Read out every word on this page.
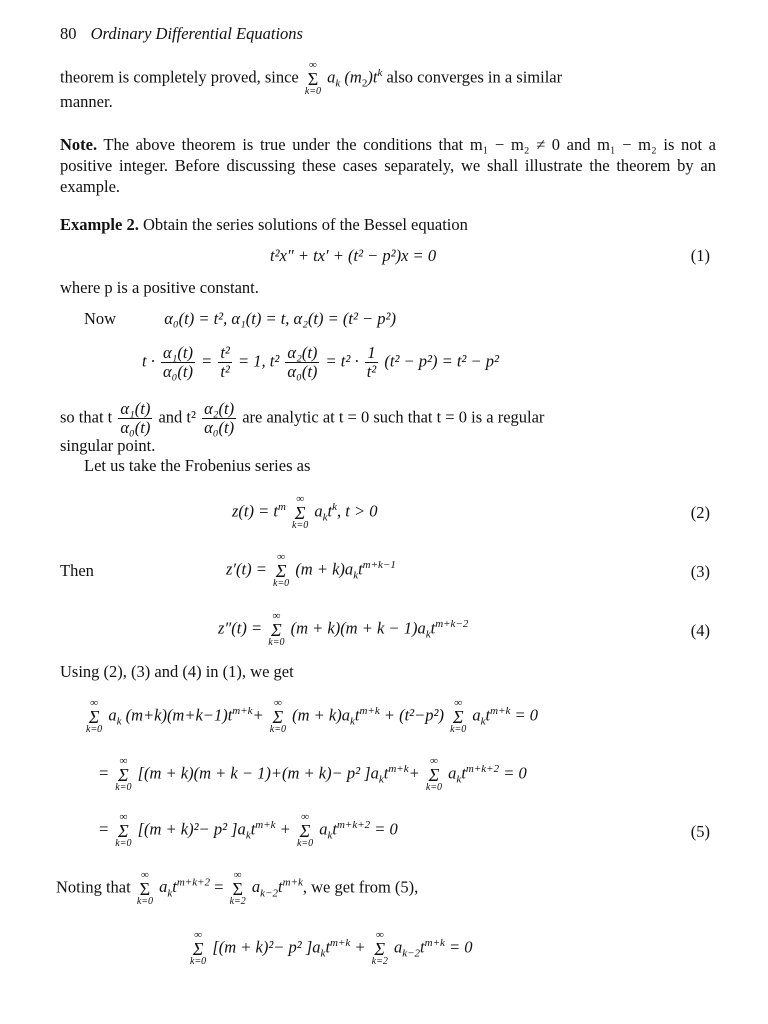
80 Ordinary Differential Equations
theorem is completely proved, since
∞
Σ
k=0
$a_k$ $(m_2)t^k$ also converges in a similar
manner.
Note. The above theorem is true under the conditions that m₁ − m₂ ≠ 0 and m₁ − m₂ is not a positive integer. Before discussing these cases separately, we shall illustrate the theorem by an example.
Example 2. Obtain the series solutions of the Bessel equation
t²x″ + tx′ + (t² − p²)x = 0	(1)
where p is a positive constant.
Now	α₀(t) = t², α₁(t) = t, α₂(t) = (t² − p²)
$t \cdot \frac{\text{α₁(t)}}{\text{α₀(t)}} = \frac{\text{t²}}{\text{t²}} = 1$, $t^2 \frac{\text{α₂(t)}}{\text{α₀(t)}} = t^2 \cdot \frac{1}{\text{t²}} (t^2 - p^2) = t^2 - p^2$
so that t $\frac{\text{α₁(t)}}{\text{α₀(t)}}$ and $t^2 \frac{\text{α₂(t)}}{\text{α₀(t)}}$ are analytic at t = 0 such that t = 0 is a regular
singular point.
Let us take the Frobenius series as
$z(t) = t^m$
∞
Σ
k=0
$a_kt^k$, t > 0	(2)
Then	z′(t) =
∞
Σ
k=0
$(m + k)a_kt^{m+k-1}$	(3)
z″(t) =
∞
Σ
k=0
$(m + k)(m + k - 1)a_kt^{m+k-2}$	(4)
Using (2), (3) and (4) in (1), we get
∞
Σ
k=0
$a_k$ $(m+k)(m+k-1)t^{m+k}+$
∞
Σ
k=0
$(m + k)a_kt^{m+k} + (t^2-p^2)$
∞
Σ
k=0
$a_kt^{m+k} = 0$
=
∞
Σ
k=0
[(m + k)(m + k − 1)+(m + k)− p² ]$a_kt^{m+k}+$
∞
Σ
k=0
$a_kt^{m+k+2} = 0$
=
∞
Σ
k=0
[(m + k)²− p² ]$a_kt^{m+k}$ +
∞
Σ
k=0
$a_kt^{m+k+2} = 0$	(5)
Noting that
∞
Σ
k=0
$a_kt^{m+k+2}$ =
∞
Σ
k=2
$a_{k-2}t^{m+k}$, we get from (5),
∞
Σ
k=0
[(m + k)²− p² ]$a_kt^{m+k}$ +
∞
Σ
k=2
$a_{k-2}t^{m+k} = 0$
